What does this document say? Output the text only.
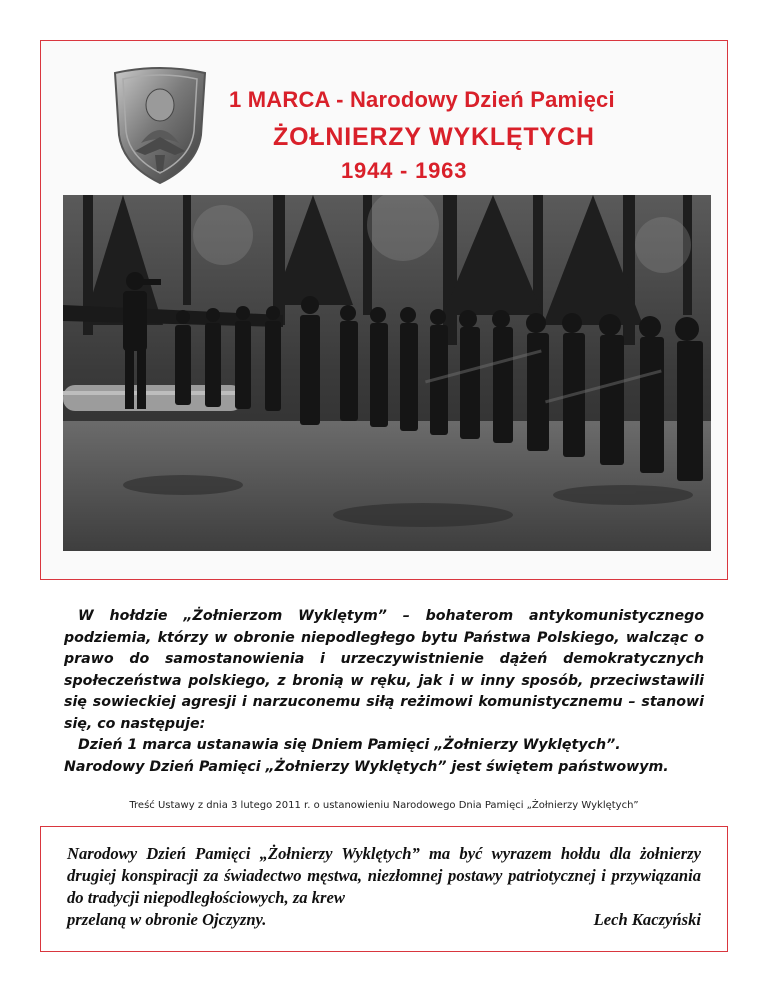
1 MARCA - Narodowy Dzień Pamięci
ŻOŁNIERZY WYKLĘTYCH
1944 - 1963

W hołdzie „Żołnierzom Wyklętym” – bohaterom antykomunistycznego podziemia, którzy w obronie niepodległego bytu Państwa Polskiego, walcząc o prawo do samostanowienia i urzeczywistnienie dążeń demokratycznych społeczeństwa polskiego, z bronią w ręku, jak i w inny sposób, przeciwstawili się sowieckiej agresji i narzuconemu siłą reżimowi komunistycznemu – stanowi się, co następuje:
Dzień 1 marca ustanawia się Dniem Pamięci „Żołnierzy Wyklętych”.
Narodowy Dzień Pamięci „Żołnierzy Wyklętych” jest świętem państwowym.

Treść Ustawy z dnia 3 lutego 2011 r. o ustanowieniu Narodowego Dnia Pamięci „Żołnierzy Wyklętych”

Narodowy Dzień Pamięci „Żołnierzy Wyklętych” ma być wyrazem hołdu dla żołnierzy drugiej konspiracji za świadectwo męstwa, niezłomnej postawy patriotycznej i przywiązania do tradycji niepodległościowych, za krew
przelaną w obronie Ojczyzny.	Lech Kaczyński
